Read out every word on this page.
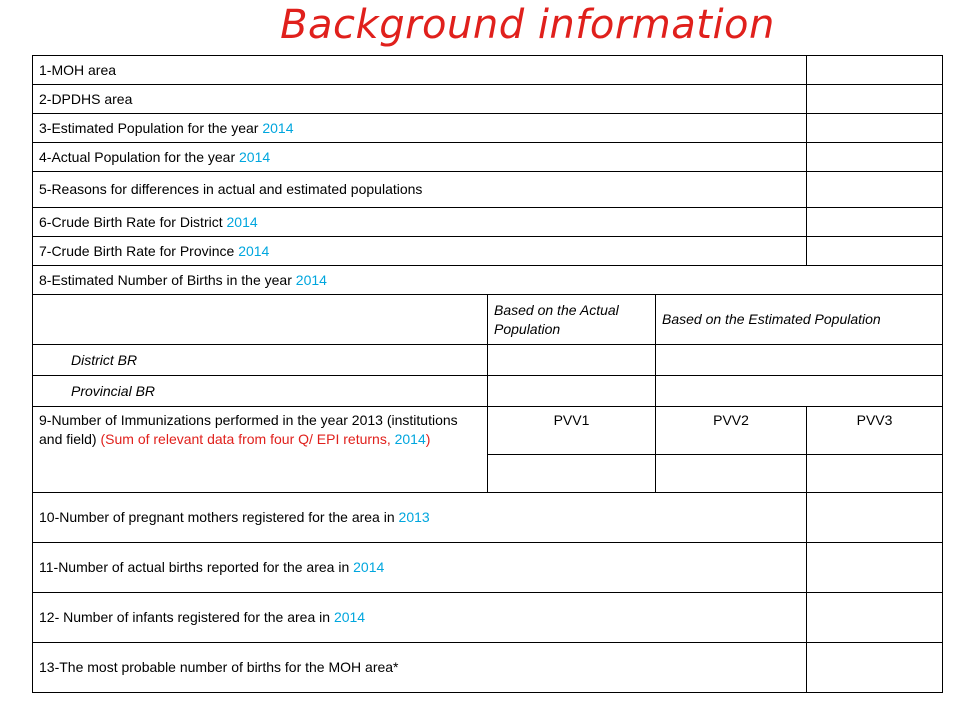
Background information
1-MOH area			
2-DPDHS area			
3-Estimated Population for the year 2014			
4-Actual Population for the year 2014			
5-Reasons for differences in actual and estimated populations			
6-Crude Birth Rate for District 2014			
7-Crude Birth Rate for Province 2014			
8-Estimated Number of Births in the year 2014			
	Based on the Actual Population	Based on the Estimated Population	
District BR			
Provincial BR			
9-Number of Immunizations performed in the year 2013 (institutions and field) (Sum of relevant data from four Q/ EPI returns, 2014)	PVV1	PVV2	PVV3

10-Number of pregnant mothers registered for the area in 2013			
11-Number of actual births reported for the area in 2014			
12- Number of infants registered for the area in 2014			
13-The most probable number of births for the MOH area*			
